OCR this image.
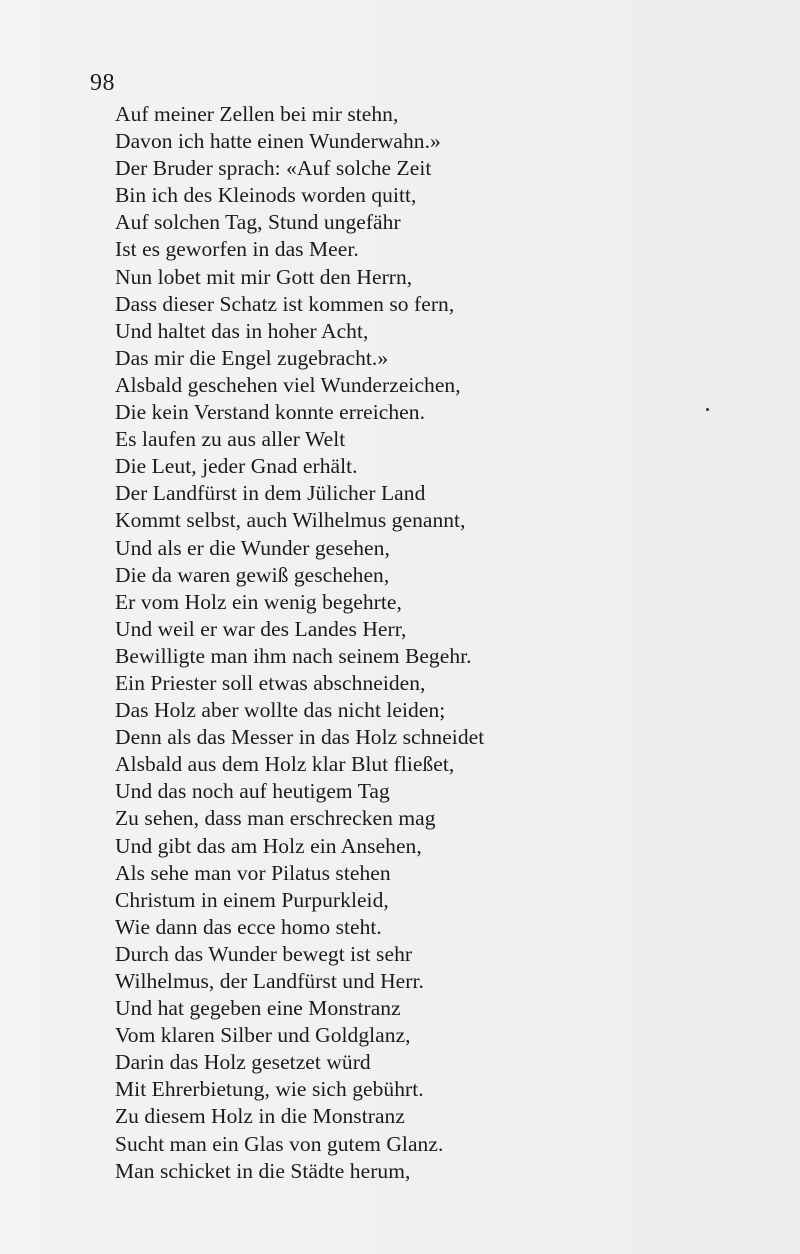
98
Auf meiner Zellen bei mir stehn,
Davon ich hatte einen Wunderwahn.»
Der Bruder sprach: «Auf solche Zeit
Bin ich des Kleinods worden quitt,
Auf solchen Tag, Stund ungefähr
Ist es geworfen in das Meer.
Nun lobet mit mir Gott den Herrn,
Dass dieser Schatz ist kommen so fern,
Und haltet das in hoher Acht,
Das mir die Engel zugebracht.»
Alsbald geschehen viel Wunderzeichen,
Die kein Verstand konnte erreichen.
Es laufen zu aus aller Welt
Die Leut, jeder Gnad erhält.
Der Landfürst in dem Jülicher Land
Kommt selbst, auch Wilhelmus genannt,
Und als er die Wunder gesehen,
Die da waren gewiß geschehen,
Er vom Holz ein wenig begehrte,
Und weil er war des Landes Herr,
Bewilligte man ihm nach seinem Begehr.
Ein Priester soll etwas abschneiden,
Das Holz aber wollte das nicht leiden;
Denn als das Messer in das Holz schneidet
Alsbald aus dem Holz klar Blut fließet,
Und das noch auf heutigem Tag
Zu sehen, dass man erschrecken mag
Und gibt das am Holz ein Ansehen,
Als sehe man vor Pilatus stehen
Christum in einem Purpurkleid,
Wie dann das ecce homo steht.
Durch das Wunder bewegt ist sehr
Wilhelmus, der Landfürst und Herr.
Und hat gegeben eine Monstranz
Vom klaren Silber und Goldglanz,
Darin das Holz gesetzet würd
Mit Ehrerbietung, wie sich gebührt.
Zu diesem Holz in die Monstranz
Sucht man ein Glas von gutem Glanz.
Man schicket in die Städte herum,
